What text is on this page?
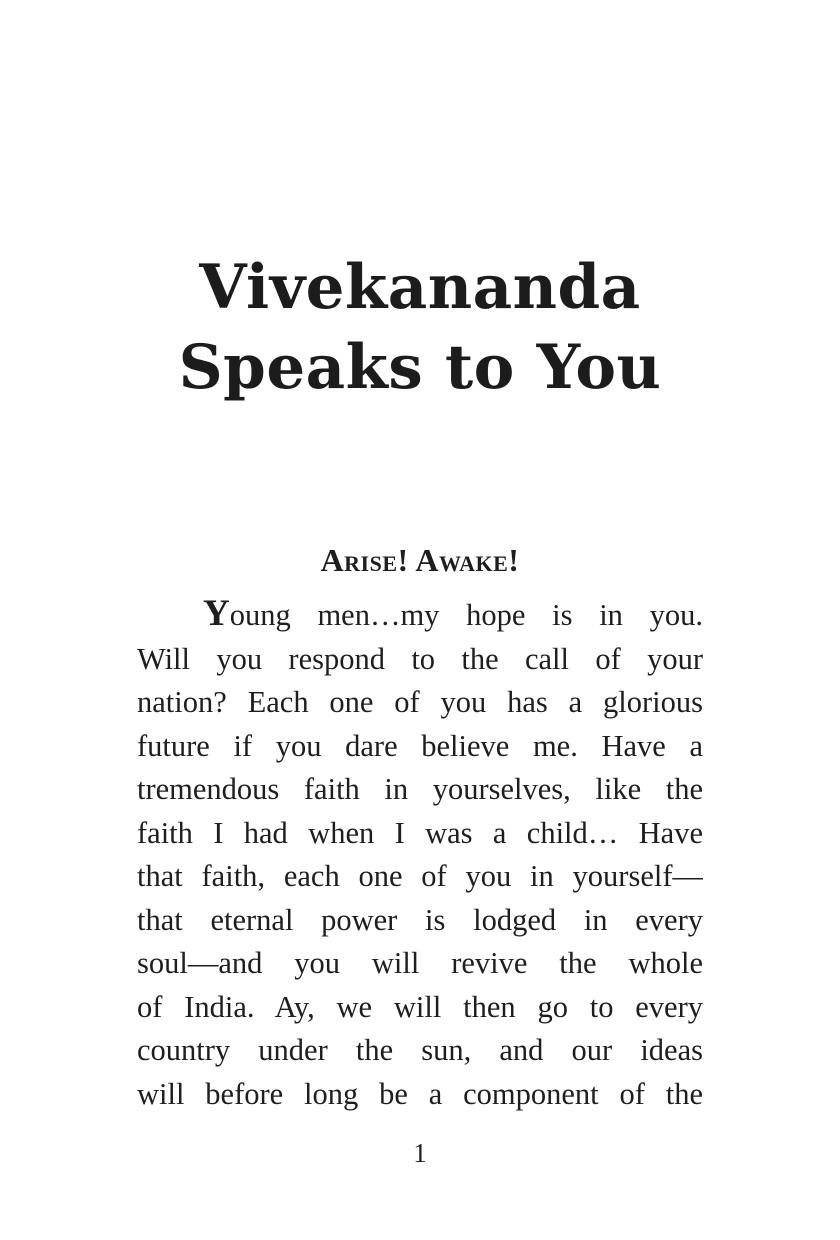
Vivekananda
Speaks to You
Arise! Awake!

Young men…my hope is in you.
Will you respond to the call of your
nation? Each one of you has a glorious
future if you dare believe me. Have a
tremendous faith in yourselves, like the
faith I had when I was a child… Have
that faith, each one of you in yourself—
that eternal power is lodged in every
soul—and you will revive the whole
of India. Ay, we will then go to every
country under the sun, and our ideas
will before long be a component of the

1
